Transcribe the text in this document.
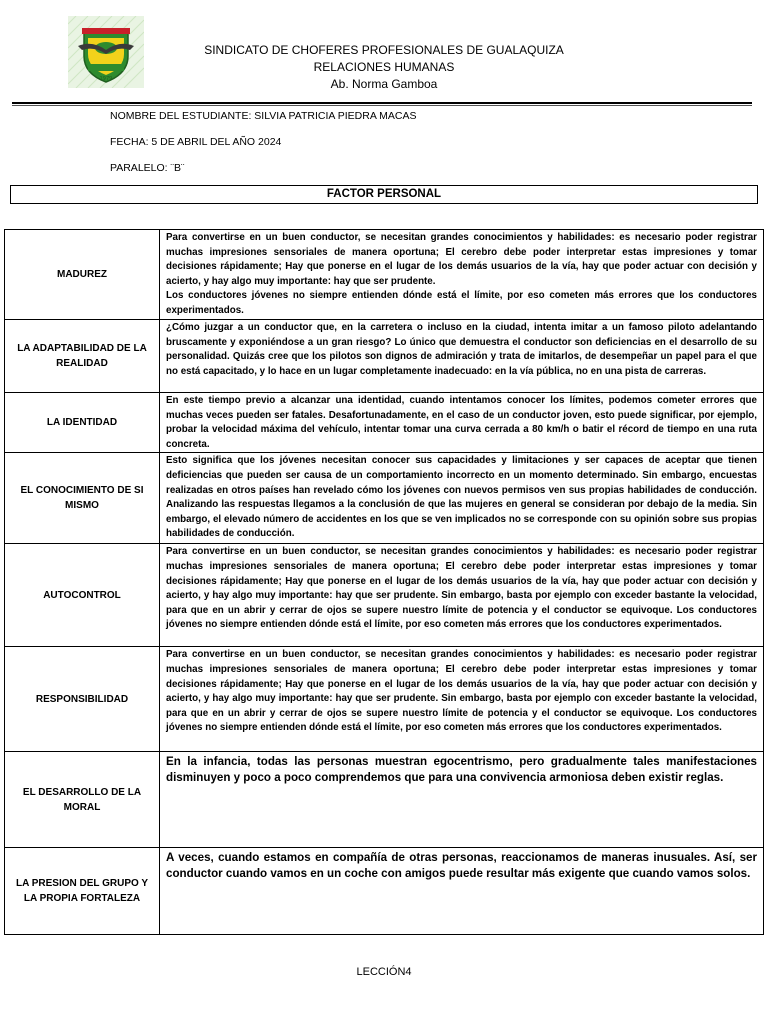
1979
SINDICATO DE CHOFERES PROFESIONALES DE GUALAQUIZA
RELACIONES HUMANAS
Ab. Norma Gamboa
NOMBRE DEL ESTUDIANTE: SILVIA PATRICIA PIEDRA MACAS
FECHA: 5 DE ABRIL DEL AÑO 2024
PARALELO: ¨B¨
FACTOR PERSONAL
MADUREZ	Para convertirse en un buen conductor, se necesitan grandes conocimientos y habilidades: es necesario poder registrar muchas impresiones sensoriales de manera oportuna; El cerebro debe poder interpretar estas impresiones y tomar decisiones rápidamente; Hay que ponerse en el lugar de los demás usuarios de la vía, hay que poder actuar con decisión y acierto, y hay algo muy importante: hay que ser prudente.

Los conductores jóvenes no siempre entienden dónde está el límite, por eso cometen más errores que los conductores experimentados.

LA ADAPTABILIDAD DE LA REALIDAD	¿Cómo juzgar a un conductor que, en la carretera o incluso en la ciudad, intenta imitar a un famoso piloto adelantando bruscamente y exponiéndose a un gran riesgo? Lo único que demuestra el conductor son deficiencias en el desarrollo de su personalidad. Quizás cree que los pilotos son dignos de admiración y trata de imitarlos, de desempeñar un papel para el que no está capacitado, y lo hace en un lugar completamente inadecuado: en la vía pública, no en una pista de carreras.

LA IDENTIDAD	En este tiempo previo a alcanzar una identidad, cuando intentamos conocer los límites, podemos cometer errores que muchas veces pueden ser fatales. Desafortunadamente, en el caso de un conductor joven, esto puede significar, por ejemplo, probar la velocidad máxima del vehículo, intentar tomar una curva cerrada a 80 km/h o batir el récord de tiempo en una ruta concreta.

EL CONOCIMIENTO DE SI MISMO	Esto significa que los jóvenes necesitan conocer sus capacidades y limitaciones y ser capaces de aceptar que tienen deficiencias que pueden ser causa de un comportamiento incorrecto en un momento determinado. Sin embargo, encuestas realizadas en otros países han revelado cómo los jóvenes con nuevos permisos ven sus propias habilidades de conducción. Analizando las respuestas llegamos a la conclusión de que las mujeres en general se consideran por debajo de la media. Sin embargo, el elevado número de accidentes en los que se ven implicados no se corresponde con su opinión sobre sus propias habilidades de conducción.

AUTOCONTROL	Para convertirse en un buen conductor, se necesitan grandes conocimientos y habilidades: es necesario poder registrar muchas impresiones sensoriales de manera oportuna; El cerebro debe poder interpretar estas impresiones y tomar decisiones rápidamente; Hay que ponerse en el lugar de los demás usuarios de la vía, hay que poder actuar con decisión y acierto, y hay algo muy importante: hay que ser prudente. Sin embargo, basta por ejemplo con exceder bastante la velocidad, para que en un abrir y cerrar de ojos se supere nuestro límite de potencia y el conductor se equivoque. Los conductores jóvenes no siempre entienden dónde está el límite, por eso cometen más errores que los conductores experimentados.

RESPONSIBILIDAD	Para convertirse en un buen conductor, se necesitan grandes conocimientos y habilidades: es necesario poder registrar muchas impresiones sensoriales de manera oportuna; El cerebro debe poder interpretar estas impresiones y tomar decisiones rápidamente; Hay que ponerse en el lugar de los demás usuarios de la vía, hay que poder actuar con decisión y acierto, y hay algo muy importante: hay que ser prudente. Sin embargo, basta por ejemplo con exceder bastante la velocidad, para que en un abrir y cerrar de ojos se supere nuestro límite de potencia y el conductor se equivoque. Los conductores jóvenes no siempre entienden dónde está el límite, por eso cometen más errores que los conductores experimentados.

EL DESARROLLO DE LA MORAL	En la infancia, todas las personas muestran egocentrismo, pero gradualmente tales manifestaciones disminuyen y poco a poco comprendemos que para una convivencia armoniosa deben existir reglas.

LA PRESION DEL GRUPO Y LA PROPIA FORTALEZA	A veces, cuando estamos en compañía de otras personas, reaccionamos de maneras inusuales. Así, ser conductor cuando vamos en un coche con amigos puede resultar más exigente que cuando vamos solos.

LECCIÓN4
